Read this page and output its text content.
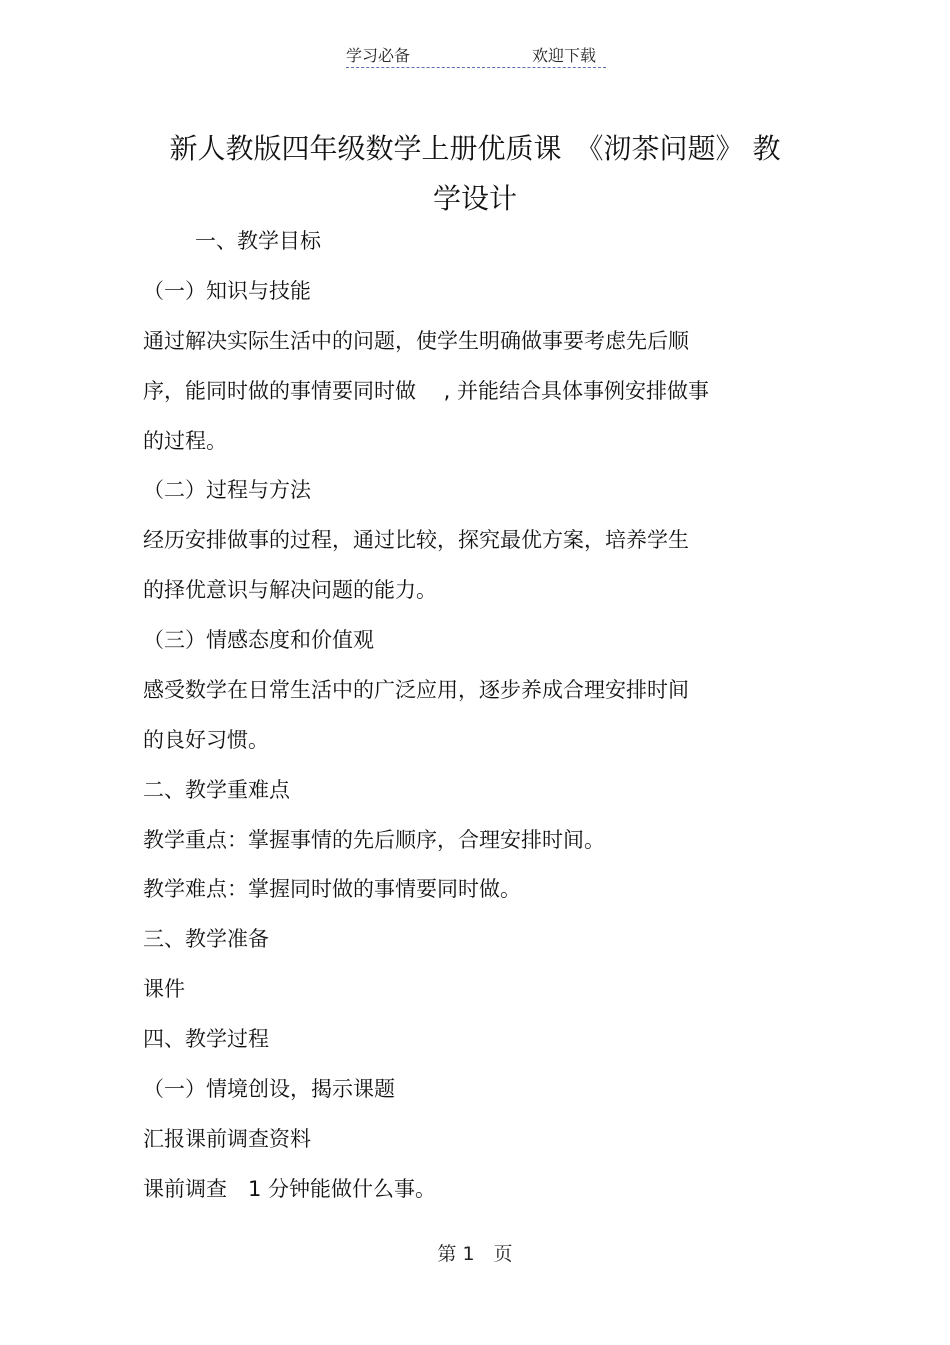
学习必备	欢迎下载
新人教版四年级数学上册优质课　《沏茶问题》 教
学设计
一、教学目标
（一）知识与技能
通过解决实际生活中的问题，使学生明确做事要考虑先后顺
序，能同时做的事情要同时做　 , 并能结合具体事例安排做事
的过程。
（二）过程与方法
经历安排做事的过程，通过比较，探究最优方案，培养学生
的择优意识与解决问题的能力。
（三）情感态度和价值观
感受数学在日常生活中的广泛应用，逐步养成合理安排时间
的良好习惯。
二、教学重难点
教学重点：掌握事情的先后顺序，合理安排时间。
教学难点：掌握同时做的事情要同时做。
三、教学准备
课件
四、教学过程
（一）情境创设，揭示课题
汇报课前调查资料
课前调查　1 分钟能做什么事。
第 1　页
